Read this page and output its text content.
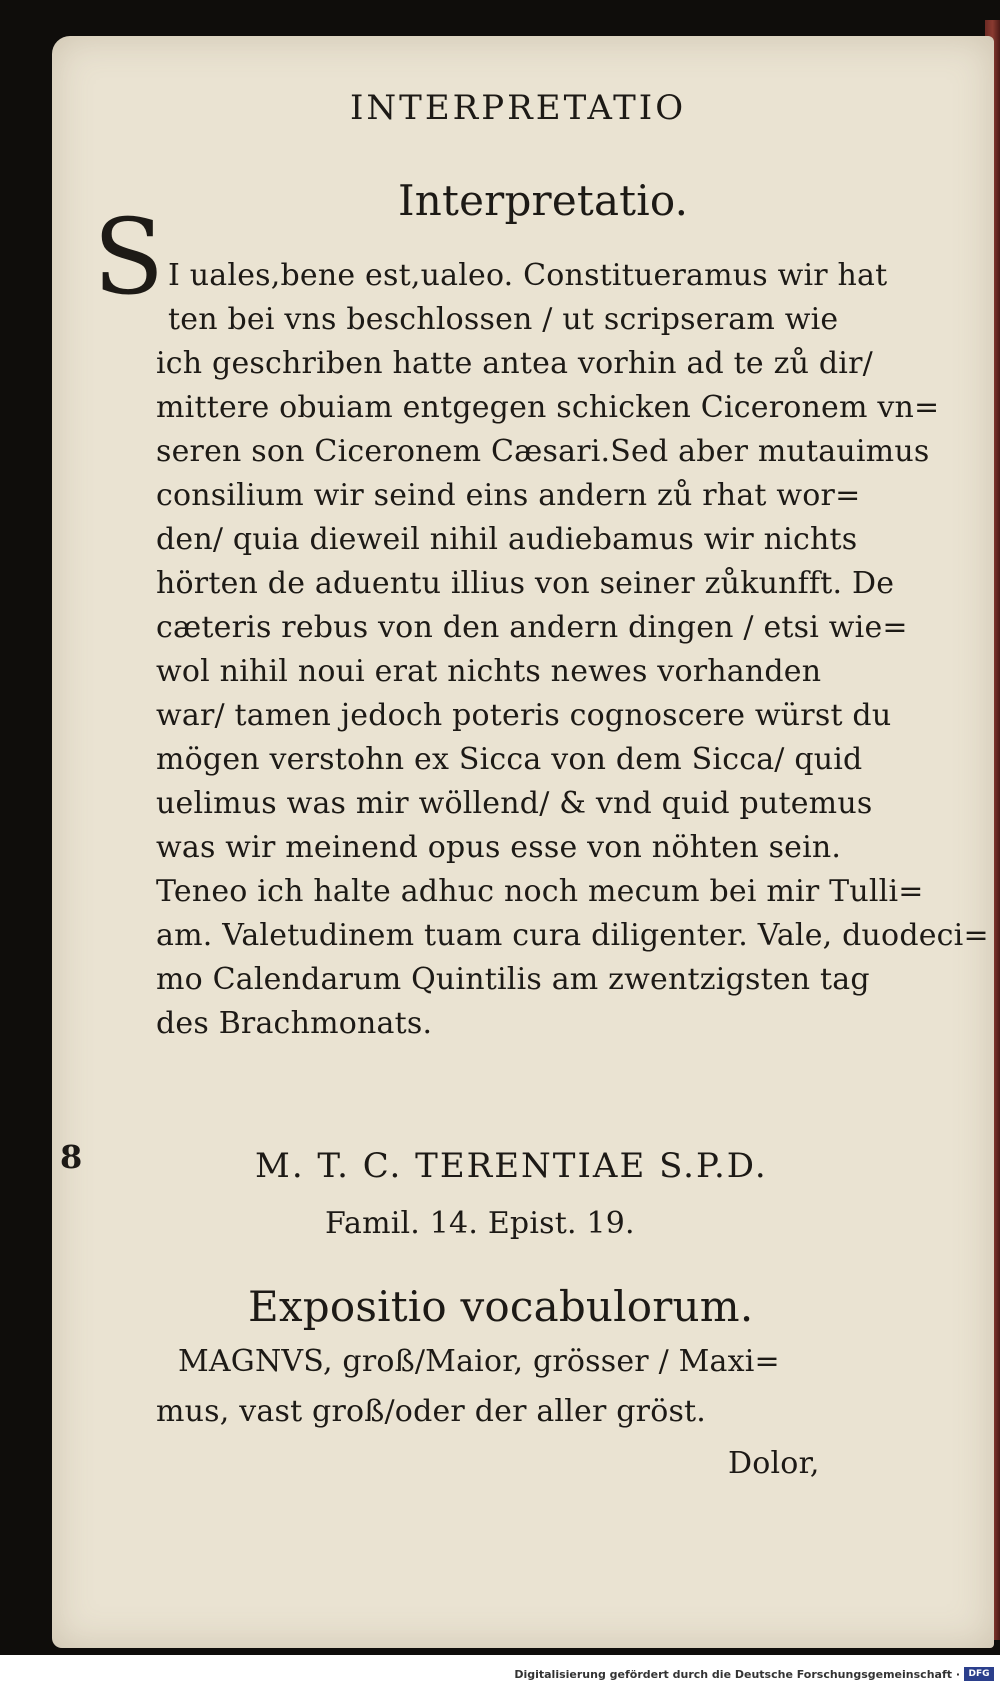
INTERPRETATIO
Interpretatio.
S I uales,bene est,ualeo. Constitueramus wir hat
ten bei vns beschlossen / ut scripseram wie
ich geschriben hatte antea vorhin ad te zů dir/
mittere obuiam entgegen schicken Ciceronem vn=
seren son Ciceronem Cæsari.Sed aber mutauimus
consilium wir seind eins andern zů rhat wor=
den/ quia dieweil nihil audiebamus wir nichts
hörten de aduentu illius von seiner zůkunfft. De
cæteris rebus von den andern dingen / etsi wie=
wol nihil noui erat nichts newes vorhanden
war/ tamen jedoch poteris cognoscere würst du
mögen verstohn ex Sicca von dem Sicca/ quid
uelimus was mir wöllend/ & vnd quid putemus
was wir meinend opus esse von nöhten sein.
Teneo ich halte adhuc noch mecum bei mir Tulli=
am. Valetudinem tuam cura diligenter. Vale, duodeci=
mo Calendarum Quintilis am zwentzigsten tag
des Brachmonats.
8	M. T. C. TERENTIAE S.P.D.
Famil. 14. Epist. 19.
Expositio vocabulorum.
MAGNVS, groß/Maior, grösser / Maxi=
mus, vast groß/oder der aller gröst.
Dolor,
Digitalisierung gefördert durch die Deutsche Forschungsgemeinschaft · DFG
